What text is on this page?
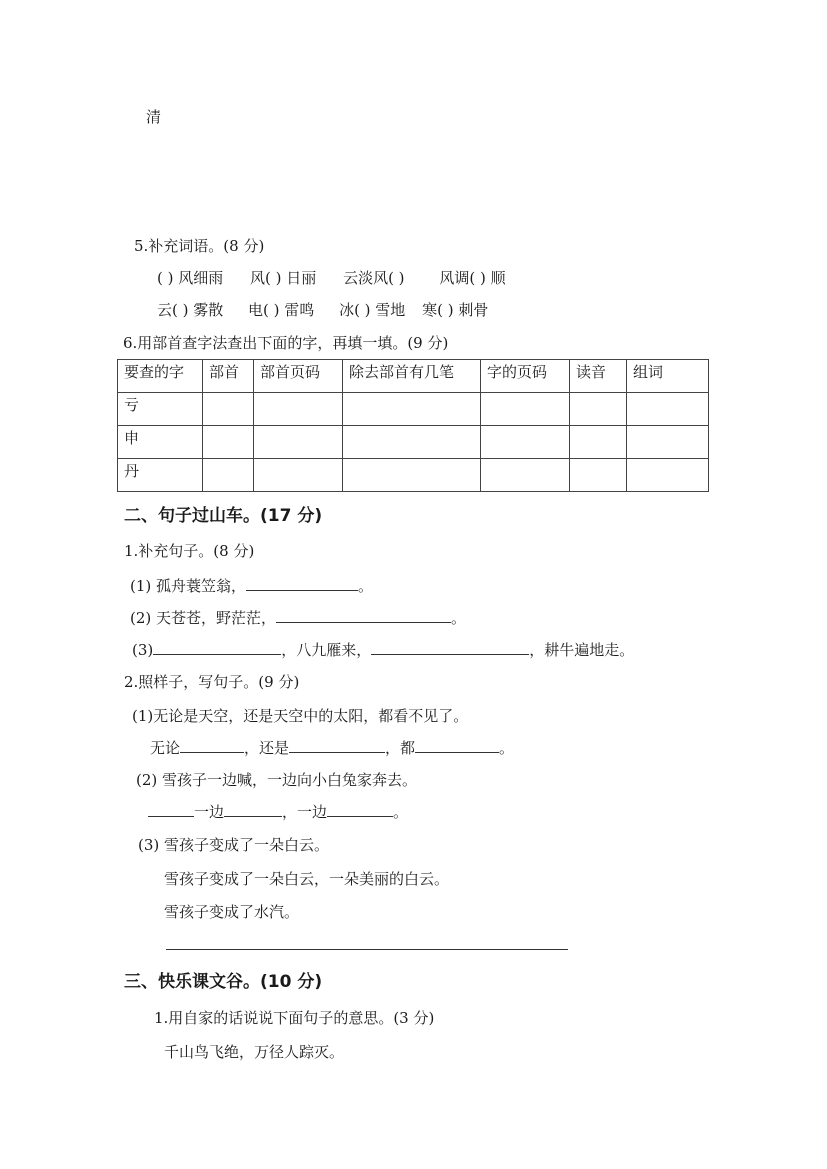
清
5.补充词语。(8 分)
( ) 风细雨 风( ) 日丽 云淡风( ) 风调( ) 顺
云( ) 雾散 电( ) 雷鸣 冰( ) 雪地 寒( ) 刺骨
6.用部首查字法查出下面的字，再填一填。(9 分)
要查的字	部首	部首页码	除去部首有几笔	字的页码	读音	组词
亏						
申						
丹						
二、句子过山车。(17 分)
1.补充句子。(8 分)
(1) 孤舟蓑笠翁，	。
(2) 天苍苍，野茫茫，	。
(3)	，八九雁来，	，耕牛遍地走。
2.照样子，写句子。(9 分)
(1)无论是天空，还是天空中的太阳，都看不见了。
无论	，还是	，都	。
(2) 雪孩子一边喊，一边向小白兔家奔去。
一边	，一边	。
(3) 雪孩子变成了一朵白云。
雪孩子变成了一朵白云，一朵美丽的白云。
雪孩子变成了水汽。
三、快乐课文谷。(10 分)
1.用自家的话说说下面句子的意思。(3 分)
千山鸟飞绝，万径人踪灭。
